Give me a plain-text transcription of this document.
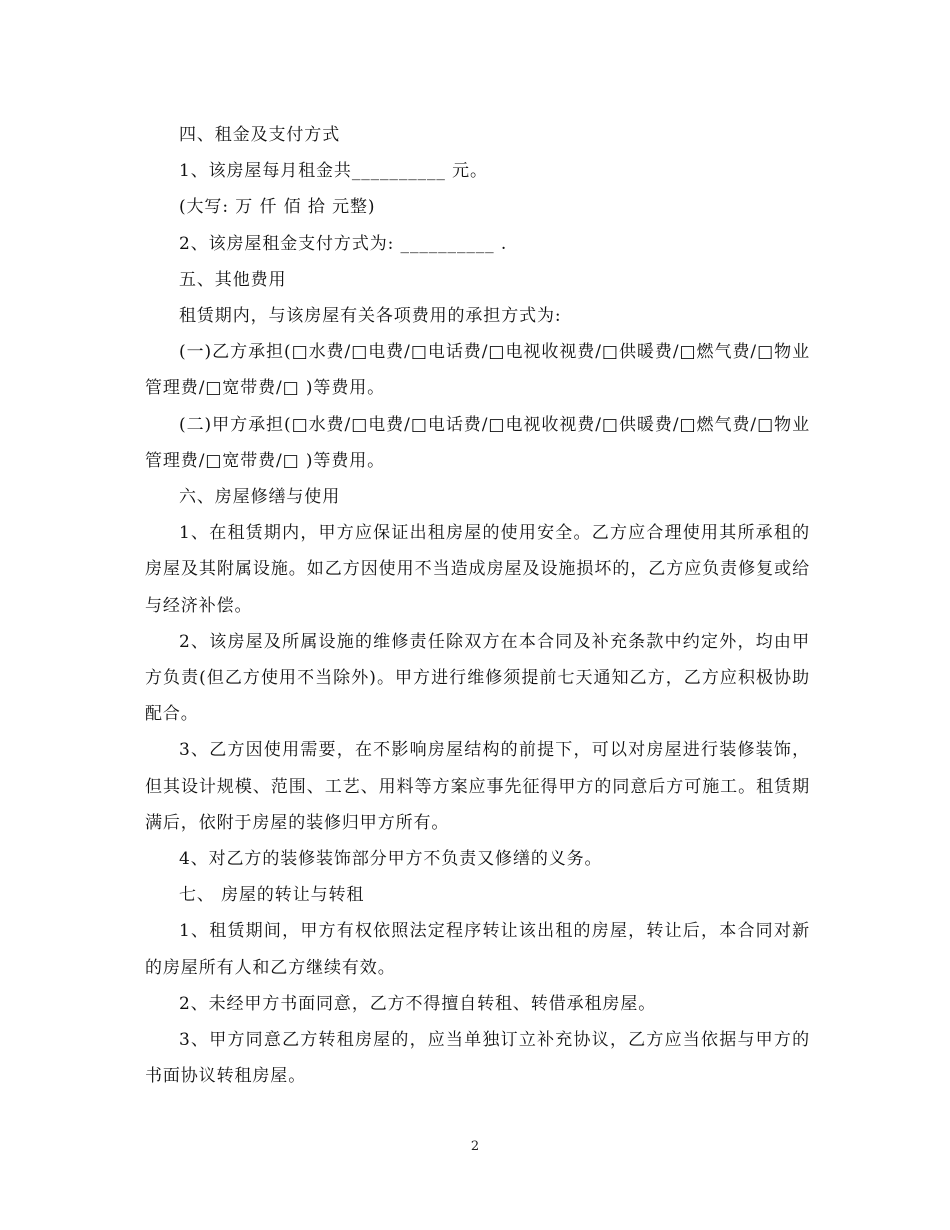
四、租金及支付方式

1、该房屋每月租金共__________ 元。

(大写: 万 仟 佰 拾 元整)

2、该房屋租金支付方式为: __________ .

五、其他费用

租赁期内，与该房屋有关各项费用的承担方式为:

(一)乙方承担(□水费/□电费/□电话费/□电视收视费/□供暖费/□燃气费/□物业管理费/□宽带费/□ )等费用。

(二)甲方承担(□水费/□电费/□电话费/□电视收视费/□供暖费/□燃气费/□物业管理费/□宽带费/□ )等费用。

六、房屋修缮与使用

1、在租赁期内，甲方应保证出租房屋的使用安全。乙方应合理使用其所承租的房屋及其附属设施。如乙方因使用不当造成房屋及设施损坏的，乙方应负责修复或给与经济补偿。

2、该房屋及所属设施的维修责任除双方在本合同及补充条款中约定外，均由甲方负责(但乙方使用不当除外)。甲方进行维修须提前七天通知乙方，乙方应积极协助配合。

3、乙方因使用需要，在不影响房屋结构的前提下，可以对房屋进行装修装饰，但其设计规模、范围、工艺、用料等方案应事先征得甲方的同意后方可施工。租赁期满后，依附于房屋的装修归甲方所有。

4、对乙方的装修装饰部分甲方不负责又修缮的义务。

七、 房屋的转让与转租

1、租赁期间，甲方有权依照法定程序转让该出租的房屋，转让后，本合同对新的房屋所有人和乙方继续有效。

2、未经甲方书面同意，乙方不得擅自转租、转借承租房屋。

3、甲方同意乙方转租房屋的，应当单独订立补充协议，乙方应当依据与甲方的书面协议转租房屋。

2
